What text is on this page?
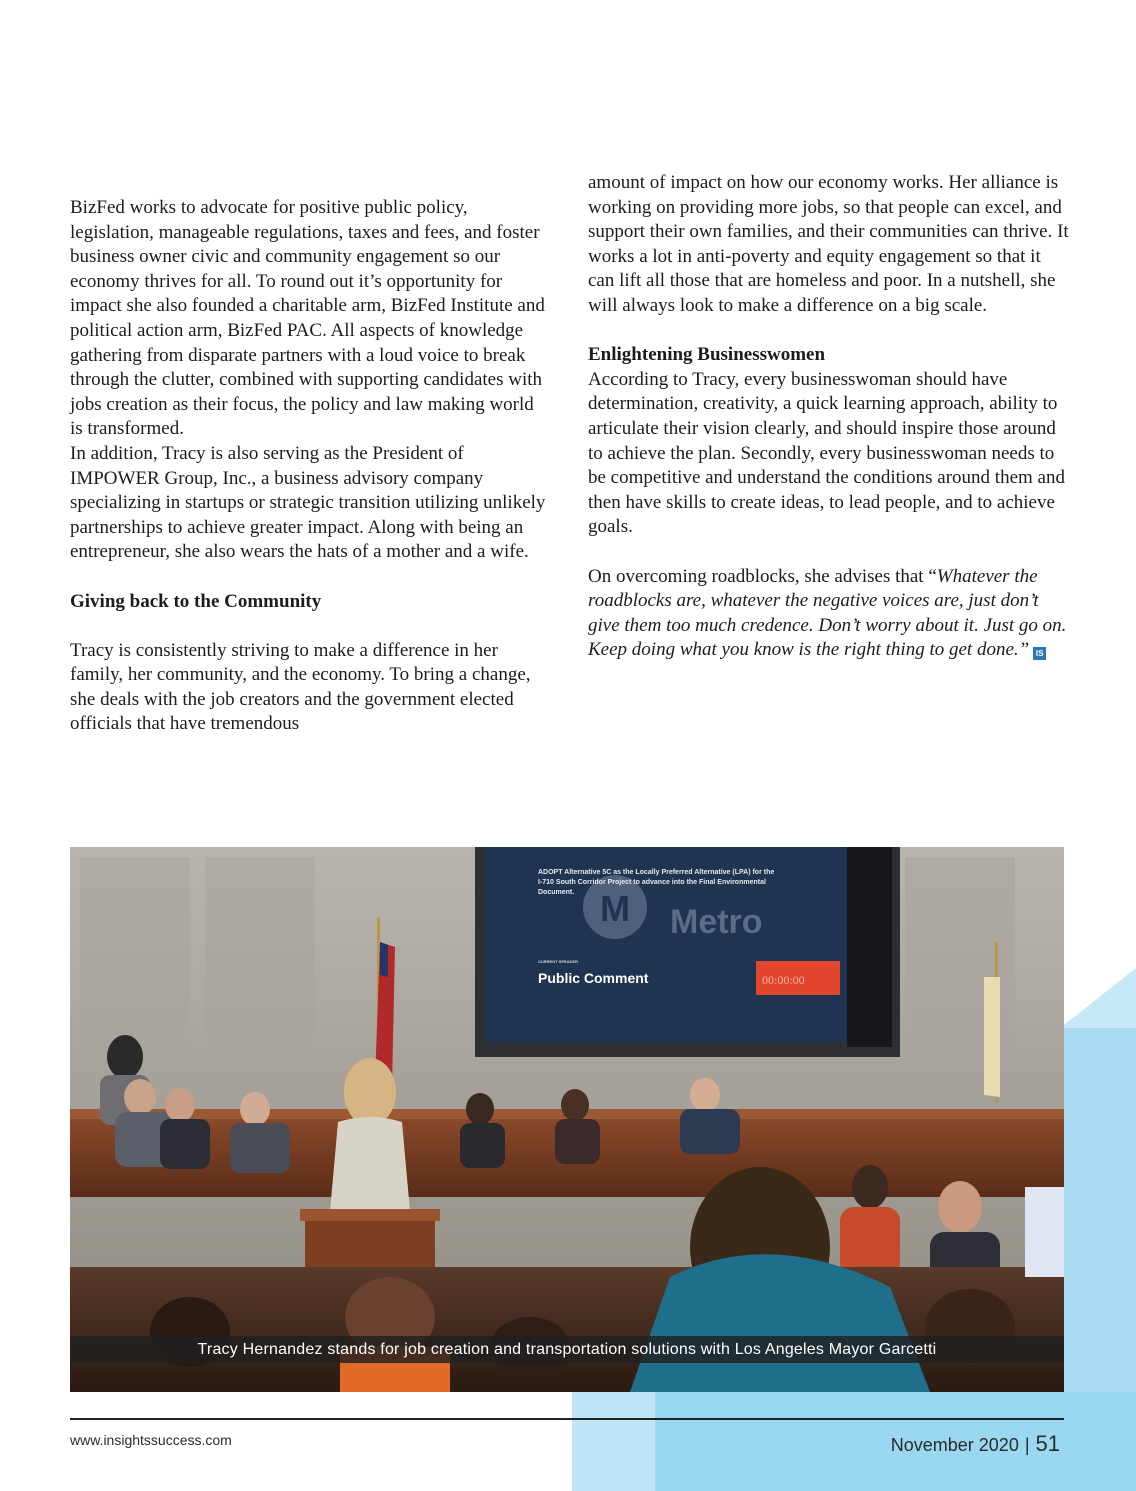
BizFed works to advocate for positive public policy, legislation, manageable regulations, taxes and fees, and foster business owner civic and community engagement so our economy thrives for all. To round out it’s opportunity for impact she also founded a charitable arm, BizFed Institute and political action arm, BizFed PAC. All aspects of knowledge gathering from disparate partners with a loud voice to break through the clutter, combined with supporting candidates with jobs creation as their focus, the policy and law making world is transformed.

In addition, Tracy is also serving as the President of IMPOWER Group, Inc., a business advisory company specializing in startups or strategic transition utilizing unlikely partnerships to achieve greater impact. Along with being an entrepreneur, she also wears the hats of a mother and a wife.

Giving back to the Community

Tracy is consistently striving to make a difference in her family, her community, and the economy. To bring a change, she deals with the job creators and the government elected officials that have tremendous

amount of impact on how our economy works. Her alliance is working on providing more jobs, so that people can excel, and support their own families, and their communities can thrive. It works a lot in anti-poverty and equity engagement so that it can lift all those that are homeless and poor. In a nutshell, she will always look to make a difference on a big scale.

Enlightening Businesswomen

According to Tracy, every businesswoman should have determination, creativity, a quick learning approach, ability to articulate their vision clearly, and should inspire those around to achieve the plan. Secondly, every businesswoman needs to be competitive and understand the conditions around them and then have skills to create ideas, to lead people, and to achieve goals.

On overcoming roadblocks, she advises that “Whatever the roadblocks are, whatever the negative voices are, just don’t give them too much credence. Don’t worry about it. Just go on. Keep doing what you know is the right thing to get done.” IS

M Metro
ADOPT Alternative 5C as the Locally Preferred Alternative (LPA) for the
I-710 South Corridor Project to advance into the Final Environmental
Document.
CURRENT SPEAKER
Public Comment	00:00:00
Tracy Hernandez stands for job creation and transportation solutions with Los Angeles Mayor Garcetti
www.insightssuccess.com	November 2020 | 51
